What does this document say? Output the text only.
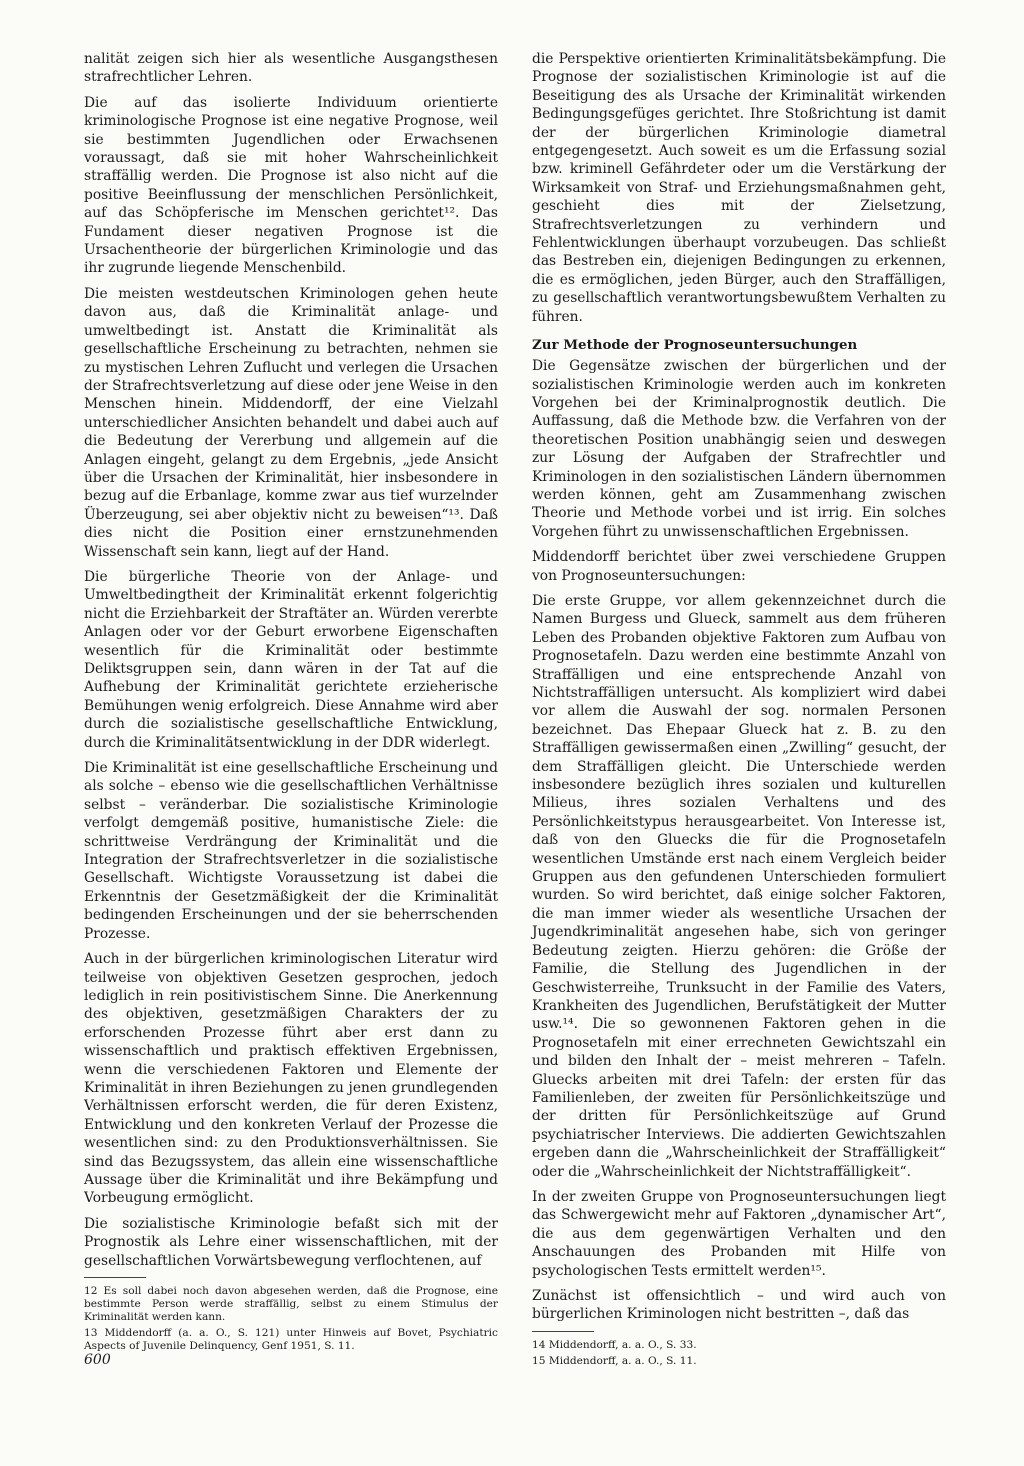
nalität zeigen sich hier als wesentliche Ausgangsthesen strafrechtlicher Lehren.

Die auf das isolierte Individuum orientierte kriminologische Prognose ist eine negative Prognose, weil sie bestimmten Jugendlichen oder Erwachsenen voraussagt, daß sie mit hoher Wahrscheinlichkeit straffällig werden. Die Prognose ist also nicht auf die positive Beeinflussung der menschlichen Persönlichkeit, auf das Schöpferische im Menschen gerichtet¹². Das Fundament dieser negativen Prognose ist die Ursachentheorie der bürgerlichen Kriminologie und das ihr zugrunde liegende Menschenbild.

Die meisten westdeutschen Kriminologen gehen heute davon aus, daß die Kriminalität anlage- und umweltbedingt ist. Anstatt die Kriminalität als gesellschaftliche Erscheinung zu betrachten, nehmen sie zu mystischen Lehren Zuflucht und verlegen die Ursachen der Strafrechtsverletzung auf diese oder jene Weise in den Menschen hinein. Middendorff, der eine Vielzahl unterschiedlicher Ansichten behandelt und dabei auch auf die Bedeutung der Vererbung und allgemein auf die Anlagen eingeht, gelangt zu dem Ergebnis, „jede Ansicht über die Ursachen der Kriminalität, hier insbesondere in bezug auf die Erbanlage, komme zwar aus tief wurzelnder Überzeugung, sei aber objektiv nicht zu beweisen“¹³. Daß dies nicht die Position einer ernstzunehmenden Wissenschaft sein kann, liegt auf der Hand.

Die bürgerliche Theorie von der Anlage- und Umweltbedingtheit der Kriminalität erkennt folgerichtig nicht die Erziehbarkeit der Straftäter an. Würden vererbte Anlagen oder vor der Geburt erworbene Eigenschaften wesentlich für die Kriminalität oder bestimmte Deliktsgruppen sein, dann wären in der Tat auf die Aufhebung der Kriminalität gerichtete erzieherische Bemühungen wenig erfolgreich. Diese Annahme wird aber durch die sozialistische gesellschaftliche Entwicklung, durch die Kriminalitätsentwicklung in der DDR widerlegt.

Die Kriminalität ist eine gesellschaftliche Erscheinung und als solche – ebenso wie die gesellschaftlichen Verhältnisse selbst – veränderbar. Die sozialistische Kriminologie verfolgt demgemäß positive, humanistische Ziele: die schrittweise Verdrängung der Kriminalität und die Integration der Strafrechtsverletzer in die sozialistische Gesellschaft. Wichtigste Voraussetzung ist dabei die Erkenntnis der Gesetzmäßigkeit der die Kriminalität bedingenden Erscheinungen und der sie beherrschenden Prozesse.

Auch in der bürgerlichen kriminologischen Literatur wird teilweise von objektiven Gesetzen gesprochen, jedoch lediglich in rein positivistischem Sinne. Die Anerkennung des objektiven, gesetzmäßigen Charakters der zu erforschenden Prozesse führt aber erst dann zu wissenschaftlich und praktisch effektiven Ergebnissen, wenn die verschiedenen Faktoren und Elemente der Kriminalität in ihren Beziehungen zu jenen grundlegenden Verhältnissen erforscht werden, die für deren Existenz, Entwicklung und den konkreten Verlauf der Prozesse die wesentlichen sind: zu den Produktionsverhältnissen. Sie sind das Bezugssystem, das allein eine wissenschaftliche Aussage über die Kriminalität und ihre Bekämpfung und Vorbeugung ermöglicht.

Die sozialistische Kriminologie befaßt sich mit der Prognostik als Lehre einer wissenschaftlichen, mit der gesellschaftlichen Vorwärtsbewegung verflochtenen, auf

12 Es soll dabei noch davon abgesehen werden, daß die Prognose, eine bestimmte Person werde straffällig, selbst zu einem Stimulus der Kriminalität werden kann.

13 Middendorff (a. a. O., S. 121) unter Hinweis auf Bovet, Psychiatric Aspects of Juvenile Delinquency, Genf 1951, S. 11.

die Perspektive orientierten Kriminalitätsbekämpfung. Die Prognose der sozialistischen Kriminologie ist auf die Beseitigung des als Ursache der Kriminalität wirkenden Bedingungsgefüges gerichtet. Ihre Stoßrichtung ist damit der der bürgerlichen Kriminologie diametral entgegengesetzt. Auch soweit es um die Erfassung sozial bzw. kriminell Gefährdeter oder um die Verstärkung der Wirksamkeit von Straf- und Erziehungsmaßnahmen geht, geschieht dies mit der Zielsetzung, Strafrechtsverletzungen zu verhindern und Fehlentwicklungen überhaupt vorzubeugen. Das schließt das Bestreben ein, diejenigen Bedingungen zu erkennen, die es ermöglichen, jeden Bürger, auch den Straffälligen, zu gesellschaftlich verantwortungsbewußtem Verhalten zu führen.

Zur Methode der Prognoseuntersuchungen

Die Gegensätze zwischen der bürgerlichen und der sozialistischen Kriminologie werden auch im konkreten Vorgehen bei der Kriminalprognostik deutlich. Die Auffassung, daß die Methode bzw. die Verfahren von der theoretischen Position unabhängig seien und deswegen zur Lösung der Aufgaben der Strafrechtler und Kriminologen in den sozialistischen Ländern übernommen werden können, geht am Zusammenhang zwischen Theorie und Methode vorbei und ist irrig. Ein solches Vorgehen führt zu unwissenschaftlichen Ergebnissen.

Middendorff berichtet über zwei verschiedene Gruppen von Prognoseuntersuchungen:

Die erste Gruppe, vor allem gekennzeichnet durch die Namen Burgess und Glueck, sammelt aus dem früheren Leben des Probanden objektive Faktoren zum Aufbau von Prognosetafeln. Dazu werden eine bestimmte Anzahl von Straffälligen und eine entsprechende Anzahl von Nichtstraffälligen untersucht. Als kompliziert wird dabei vor allem die Auswahl der sog. normalen Personen bezeichnet. Das Ehepaar Glueck hat z. B. zu den Straffälligen gewissermaßen einen „Zwilling“ gesucht, der dem Straffälligen gleicht. Die Unterschiede werden insbesondere bezüglich ihres sozialen und kulturellen Milieus, ihres sozialen Verhaltens und des Persönlichkeitstypus herausgearbeitet. Von Interesse ist, daß von den Gluecks die für die Prognosetafeln wesentlichen Umstände erst nach einem Vergleich beider Gruppen aus den gefundenen Unterschieden formuliert wurden. So wird berichtet, daß einige solcher Faktoren, die man immer wieder als wesentliche Ursachen der Jugendkriminalität angesehen habe, sich von geringer Bedeutung zeigten. Hierzu gehören: die Größe der Familie, die Stellung des Jugendlichen in der Geschwisterreihe, Trunksucht in der Familie des Vaters, Krankheiten des Jugendlichen, Berufstätigkeit der Mutter usw.¹⁴. Die so gewonnenen Faktoren gehen in die Prognosetafeln mit einer errechneten Gewichtszahl ein und bilden den Inhalt der – meist mehreren – Tafeln. Gluecks arbeiten mit drei Tafeln: der ersten für das Familienleben, der zweiten für Persönlichkeitszüge und der dritten für Persönlichkeitszüge auf Grund psychiatrischer Interviews. Die addierten Gewichtszahlen ergeben dann die „Wahrscheinlichkeit der Straffälligkeit“ oder die „Wahrscheinlichkeit der Nichtstraffälligkeit“.

In der zweiten Gruppe von Prognoseuntersuchungen liegt das Schwergewicht mehr auf Faktoren „dynamischer Art“, die aus dem gegenwärtigen Verhalten und den Anschauungen des Probanden mit Hilfe von psychologischen Tests ermittelt werden¹⁵.

Zunächst ist offensichtlich – und wird auch von bürgerlichen Kriminologen nicht bestritten –, daß das

14 Middendorff, a. a. O., S. 33.

15 Middendorff, a. a. O., S. 11.

600
